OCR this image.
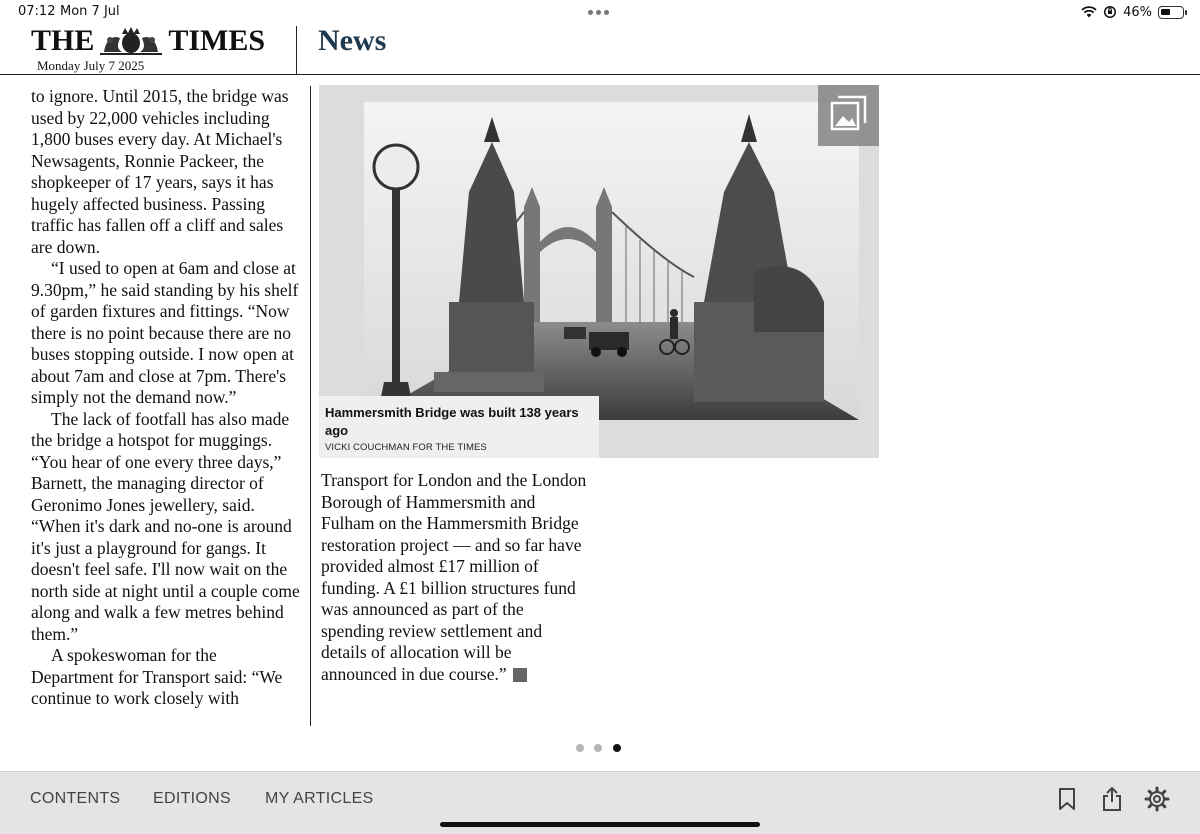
07:12 Mon 7 Jul	46%
THE TIMES
Monday July 7 2025
News

to ignore. Until 2015, the bridge was used by 22,000 vehicles including 1,800 buses every day. At Michael's Newsagents, Ronnie Packeer, the shopkeeper of 17 years, says it has hugely affected business. Passing traffic has fallen off a cliff and sales are down.

“I used to open at 6am and close at 9.30pm,” he said standing by his shelf of garden fixtures and fittings. “Now there is no point because there are no buses stopping outside. I now open at about 7am and close at 7pm. There's simply not the demand now.”

The lack of footfall has also made the bridge a hotspot for muggings. “You hear of one every three days,” Barnett, the managing director of Geronimo Jones jewellery, said. “When it's dark and no-one is around it's just a playground for gangs. It doesn't feel safe. I'll now wait on the north side at night until a couple come along and walk a few metres behind them.”

A spokeswoman for the Department for Transport said: “We continue to work closely with

Hammersmith Bridge was built 138 years ago
VICKI COUCHMAN FOR THE TIMES
Transport for London and the London Borough of Hammersmith and Fulham on the Hammersmith Bridge restoration project — and so far have provided almost £17 million of funding. A £1 billion structures fund was announced as part of the spending review settlement and details of allocation will be announced in due course.”
CONTENTS EDITIONS MY ARTICLES
